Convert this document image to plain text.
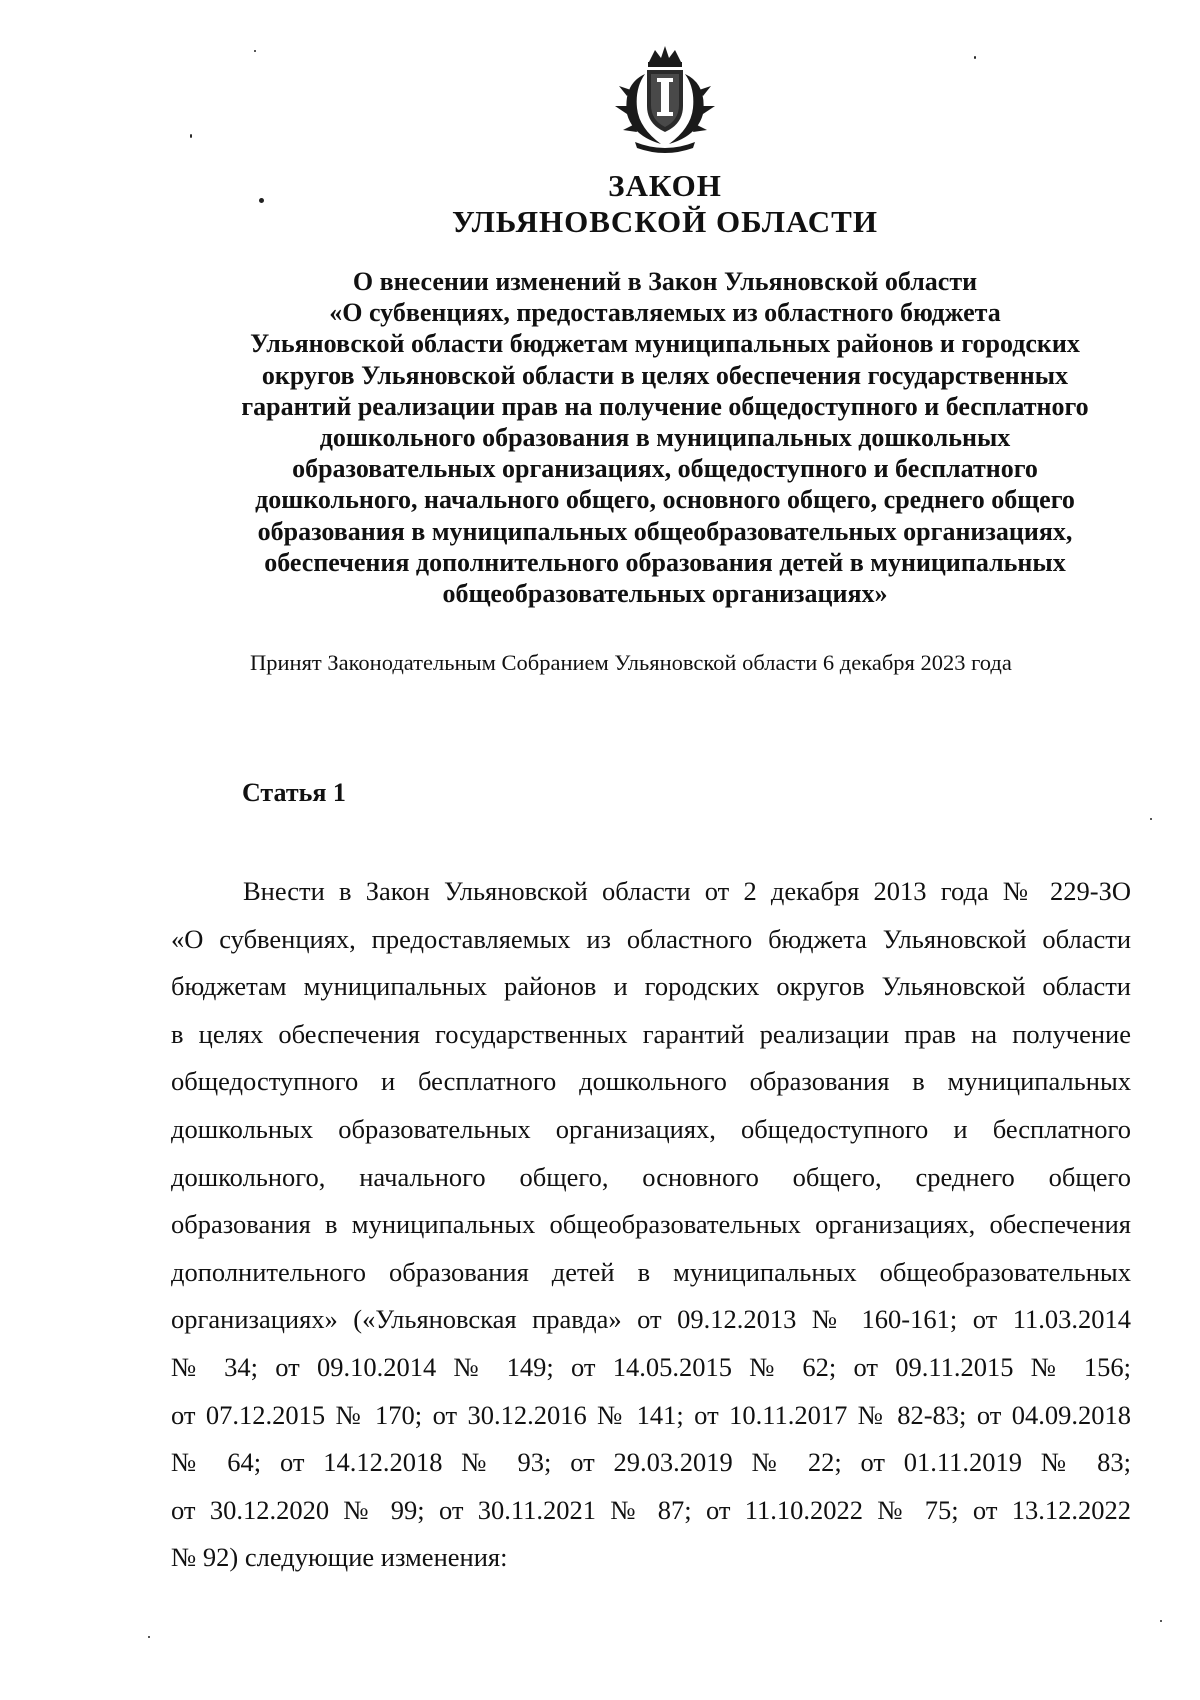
ЗАКОН
УЛЬЯНОВСКОЙ ОБЛАСТИ
О внесении изменений в Закон Ульяновской области
«О субвенциях, предоставляемых из областного бюджета
Ульяновской области бюджетам муниципальных районов и городских
округов Ульяновской области в целях обеспечения государственных
гарантий реализации прав на получение общедоступного и бесплатного
дошкольного образования в муниципальных дошкольных
образовательных организациях, общедоступного и бесплатного
дошкольного, начального общего, основного общего, среднего общего
образования в муниципальных общеобразовательных организациях,
обеспечения дополнительного образования детей в муниципальных
общеобразовательных организациях»
Принят Законодательным Собранием Ульяновской области 6 декабря 2023 года
Статья 1
Внести в Закон Ульяновской области от 2 декабря 2013 года № 229-ЗО
«О субвенциях, предоставляемых из областного бюджета Ульяновской области
бюджетам муниципальных районов и городских округов Ульяновской области
в целях обеспечения государственных гарантий реализации прав на получение
общедоступного и бесплатного дошкольного образования в муниципальных
дошкольных образовательных организациях, общедоступного и бесплатного
дошкольного, начального общего, основного общего, среднего общего
образования в муниципальных общеобразовательных организациях, обеспечения
дополнительного образования детей в муниципальных общеобразовательных
организациях» («Ульяновская правда» от 09.12.2013 № 160-161; от 11.03.2014
№ 34; от 09.10.2014 № 149; от 14.05.2015 № 62; от 09.11.2015 № 156;
от 07.12.2015 № 170; от 30.12.2016 № 141; от 10.11.2017 № 82-83; от 04.09.2018
№ 64; от 14.12.2018 № 93; от 29.03.2019 № 22; от 01.11.2019 № 83;
от 30.12.2020 № 99; от 30.11.2021 № 87; от 11.10.2022 № 75; от 13.12.2022
№ 92) следующие изменения:
